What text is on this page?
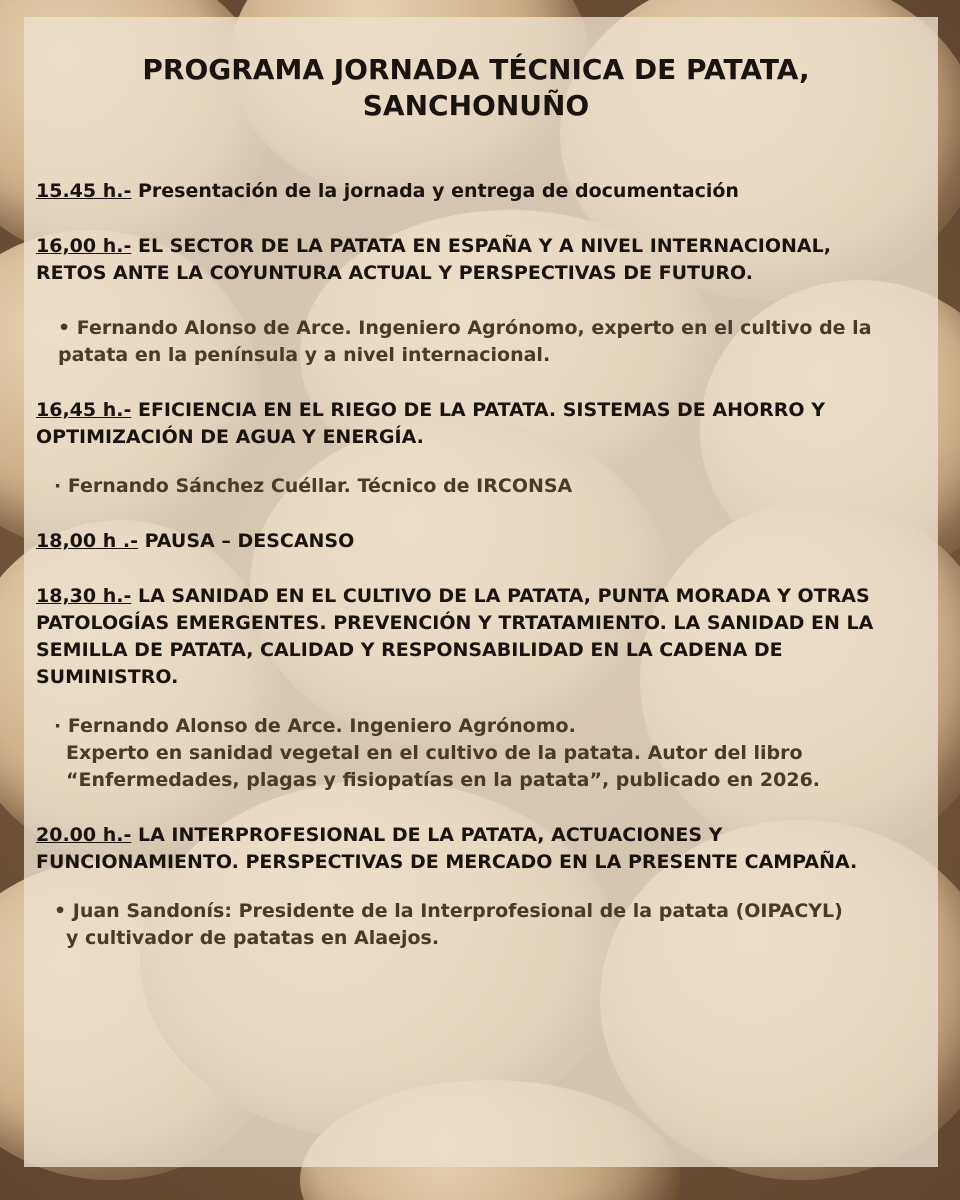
PROGRAMA JORNADA TÉCNICA DE PATATA,
SANCHONUÑO

15.45 h.- Presentación de la jornada y entrega de documentación

16,00 h.- EL SECTOR DE LA PATATA EN ESPAÑA Y A NIVEL INTERNACIONAL,

RETOS ANTE LA COYUNTURA ACTUAL Y PERSPECTIVAS DE FUTURO.

• Fernando Alonso de Arce. Ingeniero Agrónomo, experto en el cultivo de la
patata en la península y a nivel internacional.

16,45 h.- EFICIENCIA EN EL RIEGO DE LA PATATA. SISTEMAS DE AHORRO Y

OPTIMIZACIÓN DE AGUA Y ENERGÍA.

· Fernando Sánchez Cuéllar. Técnico de IRCONSA

18,00 h .- PAUSA – DESCANSO

18,30 h.- LA SANIDAD EN EL CULTIVO DE LA PATATA, PUNTA MORADA Y OTRAS

PATOLOGÍAS EMERGENTES. PREVENCIÓN Y TRTATAMIENTO. LA SANIDAD EN LA

SEMILLA DE PATATA, CALIDAD Y RESPONSABILIDAD EN LA CADENA DE

SUMINISTRO.

· Fernando Alonso de Arce. Ingeniero Agrónomo.
Experto en sanidad vegetal en el cultivo de la patata. Autor del libro
“Enfermedades, plagas y fisiopatías en la patata”, publicado en 2026.

20.00 h.- LA INTERPROFESIONAL DE LA PATATA, ACTUACIONES Y

FUNCIONAMIENTO. PERSPECTIVAS DE MERCADO EN LA PRESENTE CAMPAÑA.

• Juan Sandonís: Presidente de la Interprofesional de la patata (OIPACYL)
y cultivador de patatas en Alaejos.
